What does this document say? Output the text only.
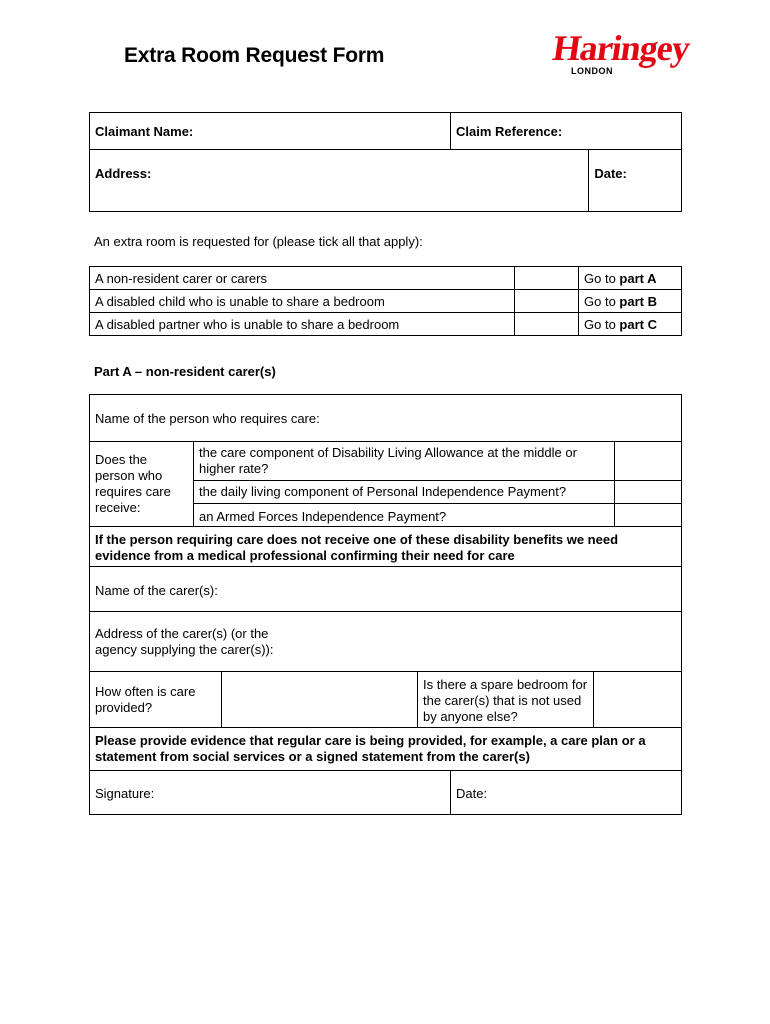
Extra Room Request Form	Haringey
LONDON
Claimant Name:	Claim Reference:	
Address:		Date:
An extra room is requested for (please tick all that apply):
A non-resident carer or carers		Go to part A
A disabled child who is unable to share a bedroom		Go to part B
A disabled partner who is unable to share a bedroom		Go to part C
Part A – non-resident carer(s)
Name of the person who requires care:		
Does the person who requires care receive:	the care component of Disability Living Allowance at the middle or higher rate?	
	the daily living component of Personal Independence Payment?	
	an Armed Forces Independence Payment?	
If the person requiring care does not receive one of these disability benefits we need evidence from a medical professional confirming their need for care		
Name of the carer(s):		

Address of the carer(s) (or the agency supplying the carer(s)):		
How often is care provided?		Is there a spare bedroom for the carer(s) that is not used by anyone else?	
Please provide evidence that regular care is being provided, for example, a care plan or a statement from social services or a signed statement from the carer(s)
Signature:	Date:
